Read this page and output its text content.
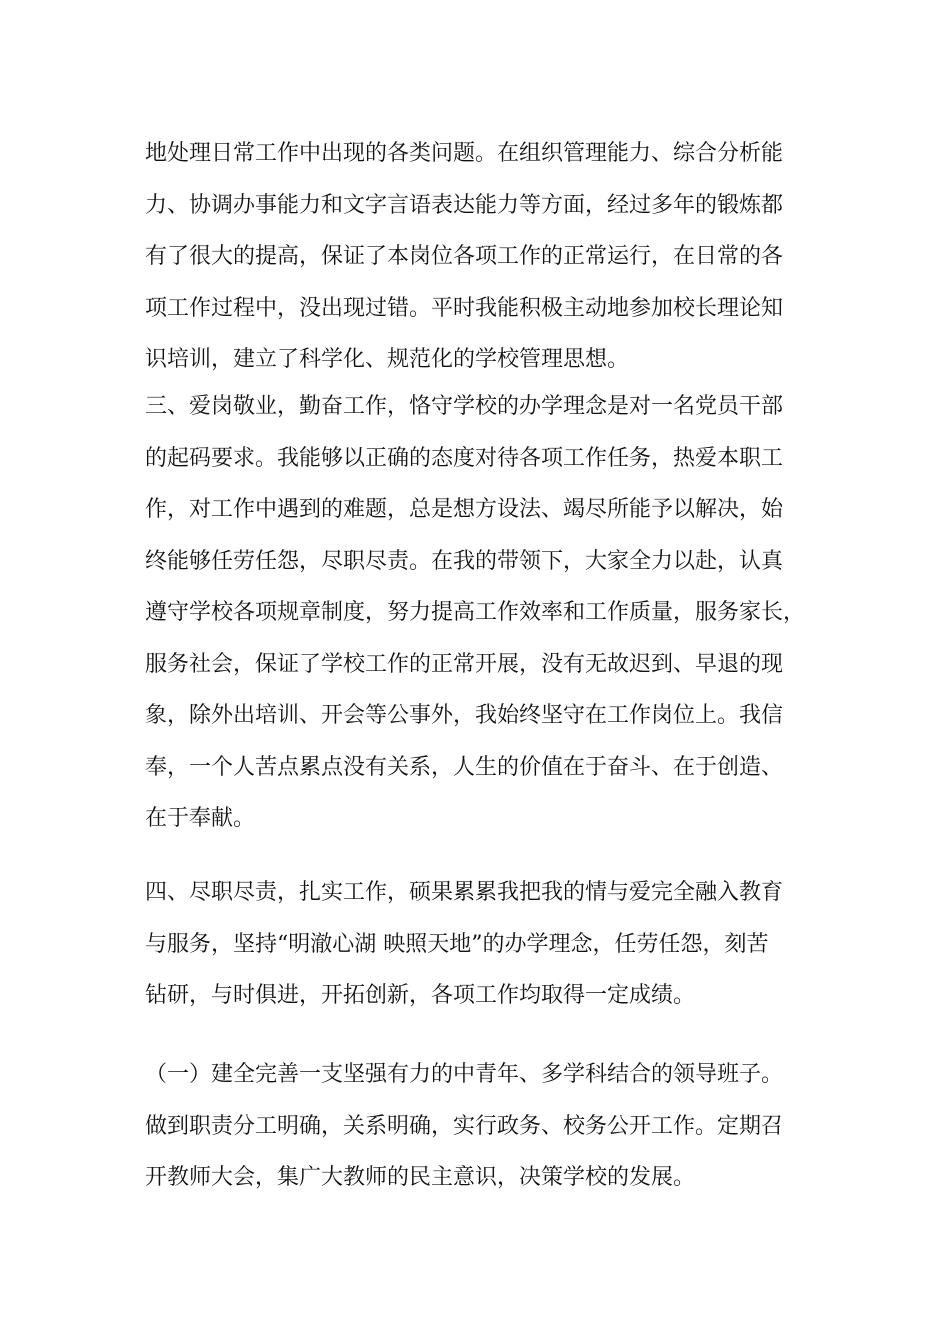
地处理日常工作中出现的各类问题。在组织管理能力、综合分析能
力、协调办事能力和文字言语表达能力等方面，经过多年的锻炼都
有了很大的提高，保证了本岗位各项工作的正常运行，在日常的各
项工作过程中，没出现过错。平时我能积极主动地参加校长理论知
识培训，建立了科学化、规范化的学校管理思想。
三、爱岗敬业，勤奋工作，恪守学校的办学理念是对一名党员干部
的起码要求。我能够以正确的态度对待各项工作任务，热爱本职工
作，对工作中遇到的难题，总是想方设法、竭尽所能予以解决，始
终能够任劳任怨，尽职尽责。在我的带领下，大家全力以赴，认真
遵守学校各项规章制度，努力提高工作效率和工作质量，服务家长，
服务社会，保证了学校工作的正常开展，没有无故迟到、早退的现
象，除外出培训、开会等公事外，我始终坚守在工作岗位上。我信
奉，一个人苦点累点没有关系，人生的价值在于奋斗、在于创造、
在于奉献。
四、尽职尽责，扎实工作，硕果累累我把我的情与爱完全融入教育
与服务，坚持“明澈心湖 映照天地”的办学理念，任劳任怨，刻苦
钻研，与时俱进，开拓创新，各项工作均取得一定成绩。
（一）建全完善一支坚强有力的中青年、多学科结合的领导班子。
做到职责分工明确，关系明确，实行政务、校务公开工作。定期召
开教师大会，集广大教师的民主意识，决策学校的发展。
